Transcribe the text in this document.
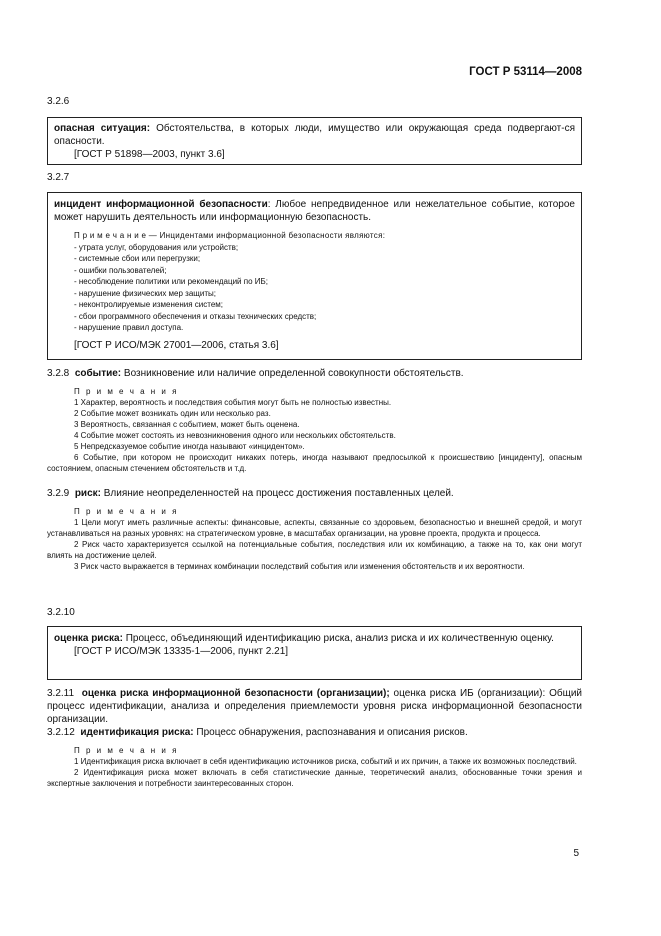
ГОСТ Р 53114—2008
3.2.6

опасная ситуация: Обстоятельства, в которых люди, имущество или окружающая среда подвергают-ся опасности.

[ГОСТ Р 51898—2003, пункт 3.6]

3.2.7

инцидент информационной безопасности: Любое непредвиденное или нежелательное событие, которое может нарушить деятельность или информационную безопасность.

П р и м е ч а н и е — Инцидентами информационной безопасности являются:

- утрата услуг, оборудования или устройств;

- системные сбои или перегрузки;

- ошибки пользователей;

- несоблюдение политики или рекомендаций по ИБ;

- нарушение физических мер защиты;

- неконтролируемые изменения систем;

- сбои программного обеспечения и отказы технических средств;

- нарушение правил доступа.

[ГОСТ Р ИСО/МЭК 27001—2006, статья 3.6]

3.2.8 событие: Возникновение или наличие определенной совокупности обстоятельств.

П р и м е ч а н и я

1 Характер, вероятность и последствия события могут быть не полностью известны.

2 Событие может возникать один или несколько раз.

3 Вероятность, связанная с событием, может быть оценена.

4 Событие может состоять из невозникновения одного или нескольких обстоятельств.

5 Непредсказуемое событие иногда называют «инцидентом».

6 Событие, при котором не происходит никаких потерь, иногда называют предпосылкой к происшествию [инциденту], опасным состоянием, опасным стечением обстоятельств и т.д.

3.2.9 риск: Влияние неопределенностей на процесс достижения поставленных целей.

П р и м е ч а н и я

1 Цели могут иметь различные аспекты: финансовые, аспекты, связанные со здоровьем, безопасностью и внешней средой, и могут устанавливаться на разных уровнях: на стратегическом уровне, в масштабах организации, на уровне проекта, продукта и процесса.

2 Риск часто характеризуется ссылкой на потенциальные события, последствия или их комбинацию, а также на то, как они могут влиять на достижение целей.

3 Риск часто выражается в терминах комбинации последствий события или изменения обстоятельств и их вероятности.

3.2.10

оценка риска: Процесс, объединяющий идентификацию риска, анализ риска и их количественную оценку.

[ГОСТ Р ИСО/МЭК 13335-1—2006, пункт 2.21]

3.2.11 оценка риска информационной безопасности (организации); оценка риска ИБ (организации): Общий процесс идентификации, анализа и определения приемлемости уровня риска информационной безопасности организации.

3.2.12 идентификация риска: Процесс обнаружения, распознавания и описания рисков.

П р и м е ч а н и я

1 Идентификация риска включает в себя идентификацию источников риска, событий и их причин, а также их возможных последствий.

2 Идентификация риска может включать в себя статистические данные, теоретический анализ, обоснованные точки зрения и экспертные заключения и потребности заинтересованных сторон.

5
